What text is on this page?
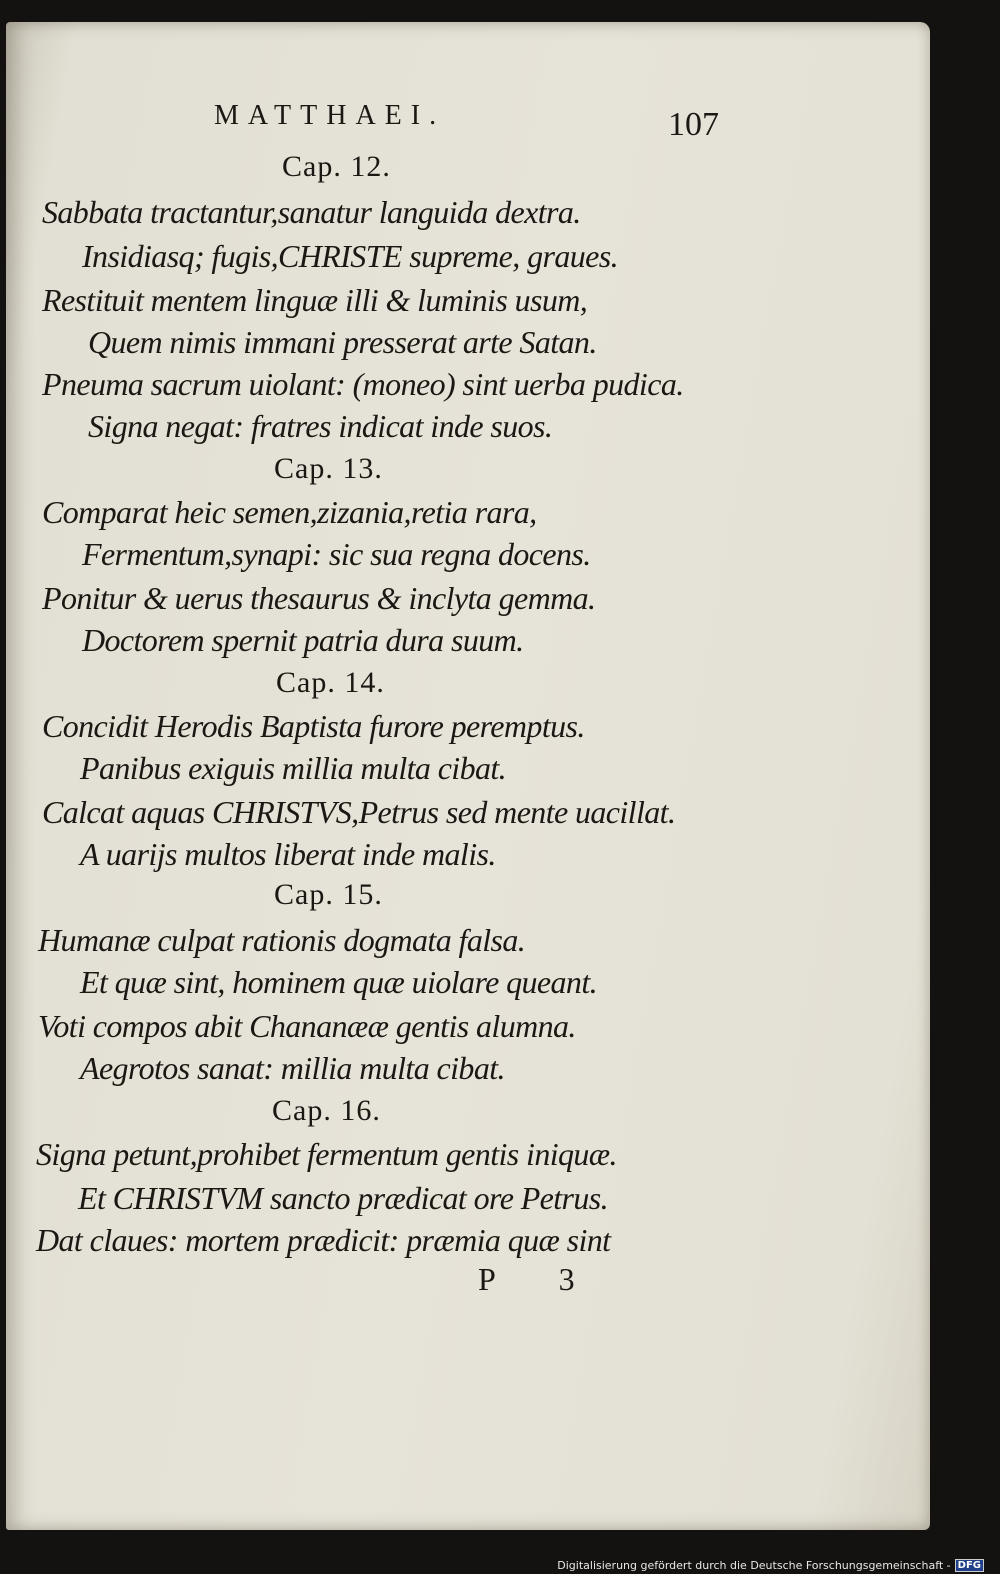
MATTHAEI.	107
Cap. 12.
Sabbata tractantur,sanatur languida dextra.
Insidiasq; fugis,CHRISTE supreme, graues.
Restituit mentem linguæ illi & luminis usum,
Quem nimis immani presserat arte Satan.
Pneuma sacrum uiolant: (moneo) sint uerba pudica.
Signa negat: fratres indicat inde suos.
Cap. 13.
Comparat heic semen,zizania,retia rara,
Fermentum,synapi: sic sua regna docens.
Ponitur & uerus thesaurus & inclyta gemma.
Doctorem spernit patria dura suum.
Cap. 14.
Concidit Herodis Baptista furore peremptus.
Panibus exiguis millia multa cibat.
Calcat aquas CHRISTVS,Petrus sed mente uacillat.
A uarijs multos liberat inde malis.
Cap. 15.
Humanæ culpat rationis dogmata falsa.
Et quæ sint, hominem quæ uiolare queant.
Voti compos abit Chananææ gentis alumna.
Aegrotos sanat: millia multa cibat.
Cap. 16.
Signa petunt,prohibet fermentum gentis iniquæ.
Et CHRISTVM sancto prædicat ore Petrus.
Dat claues: mortem prædicit: præmia quæ sint
P 3
Digitalisierung gefördert durch die Deutsche Forschungsgemeinschaft - DFG
